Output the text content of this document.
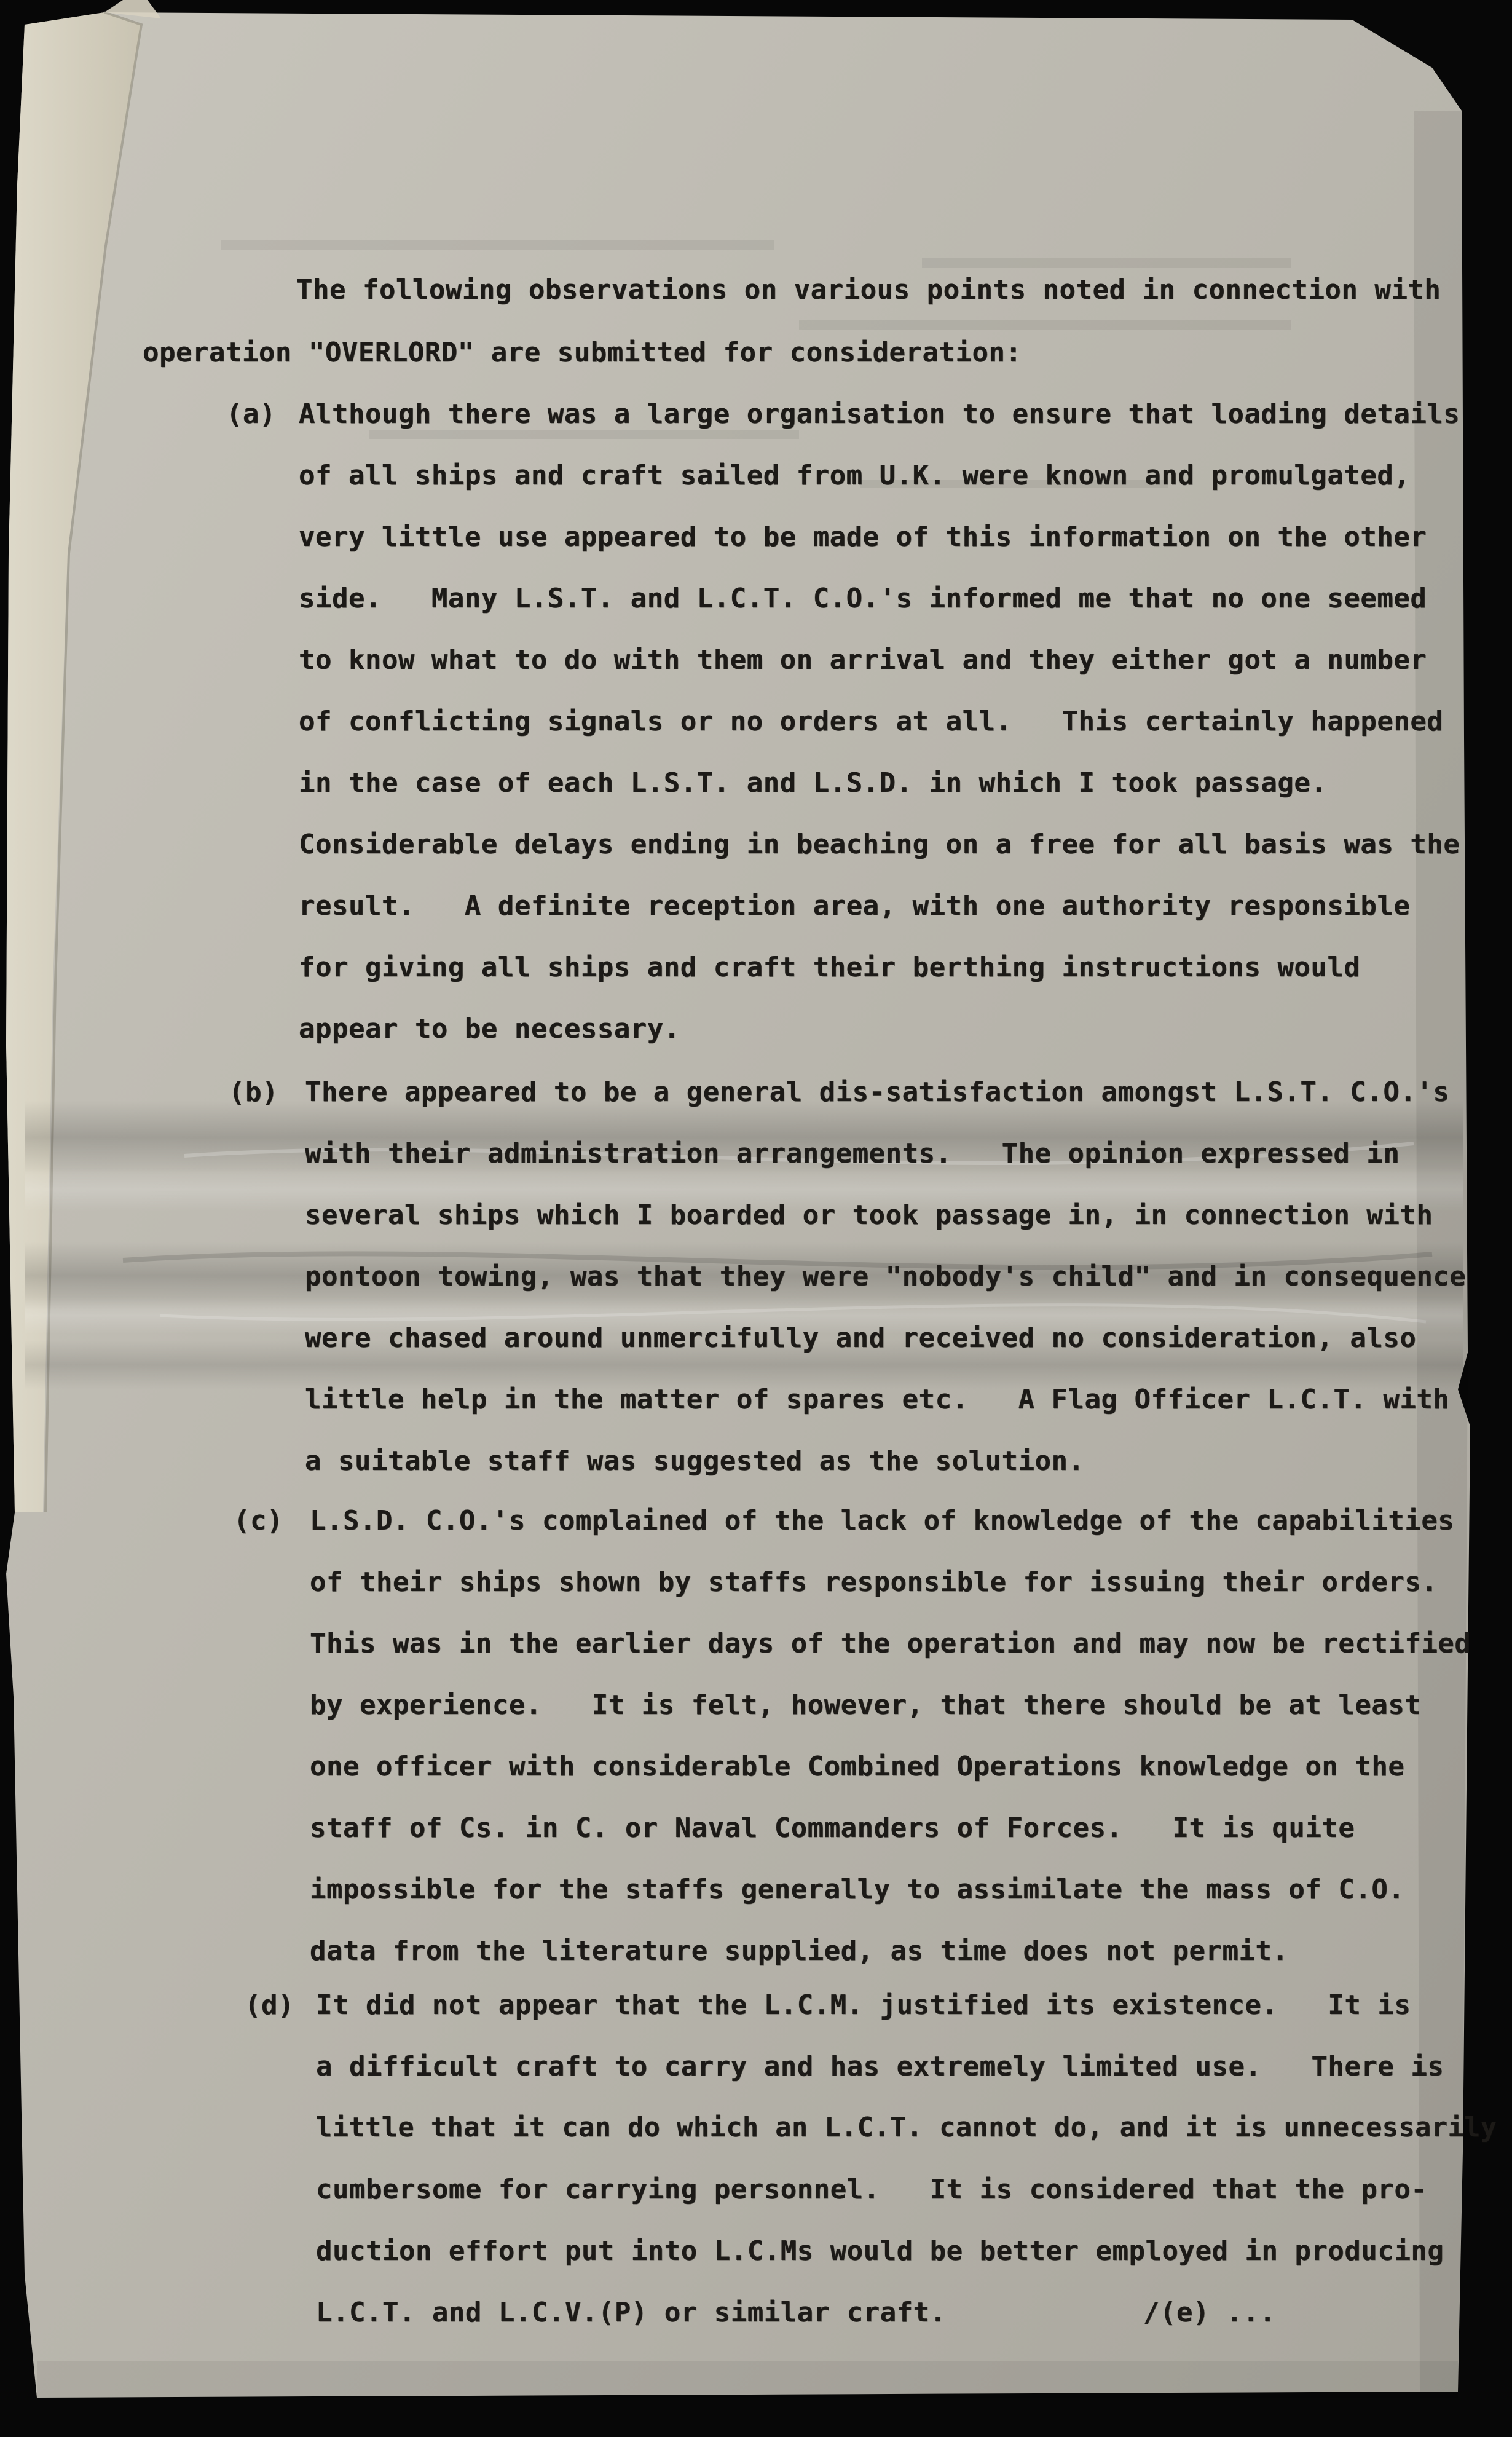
The following observations on various points noted in connection with
operation "OVERLORD" are submitted for consideration:
(a) Although there was a large organisation to ensure that loading details
of all ships and craft sailed from U.K. were known and promulgated,
very little use appeared to be made of this information on the other
side.   Many L.S.T. and L.C.T. C.O.'s informed me that no one seemed
to know what to do with them on arrival and they either got a number
of conflicting signals or no orders at all.   This certainly happened
in the case of each L.S.T. and L.S.D. in which I took passage.
Considerable delays ending in beaching on a free for all basis was the
result.   A definite reception area, with one authority responsible
for giving all ships and craft their berthing instructions would
appear to be necessary.
(b) There appeared to be a general dis-satisfaction amongst L.S.T. C.O.'s
with their administration arrangements.   The opinion expressed in
several ships which I boarded or took passage in, in connection with
pontoon towing, was that they were "nobody's child" and in consequence
were chased around unmercifully and received no consideration, also
little help in the matter of spares etc.   A Flag Officer L.C.T. with
a suitable staff was suggested as the solution.
(c) L.S.D. C.O.'s complained of the lack of knowledge of the capabilities
of their ships shown by staffs responsible for issuing their orders.
This was in the earlier days of the operation and may now be rectified
by experience.   It is felt, however, that there should be at least
one officer with considerable Combined Operations knowledge on the
staff of Cs. in C. or Naval Commanders of Forces.   It is quite
impossible for the staffs generally to assimilate the mass of C.O.
data from the literature supplied, as time does not permit.
(d) It did not appear that the L.C.M. justified its existence.   It is
a difficult craft to carry and has extremely limited use.   There is
little that it can do which an L.C.T. cannot do, and it is unnecessarily
cumbersome for carrying personnel.   It is considered that the pro-
duction effort put into L.C.Ms would be better employed in producing
L.C.T. and L.C.V.(P) or similar craft.	/(e) ...
